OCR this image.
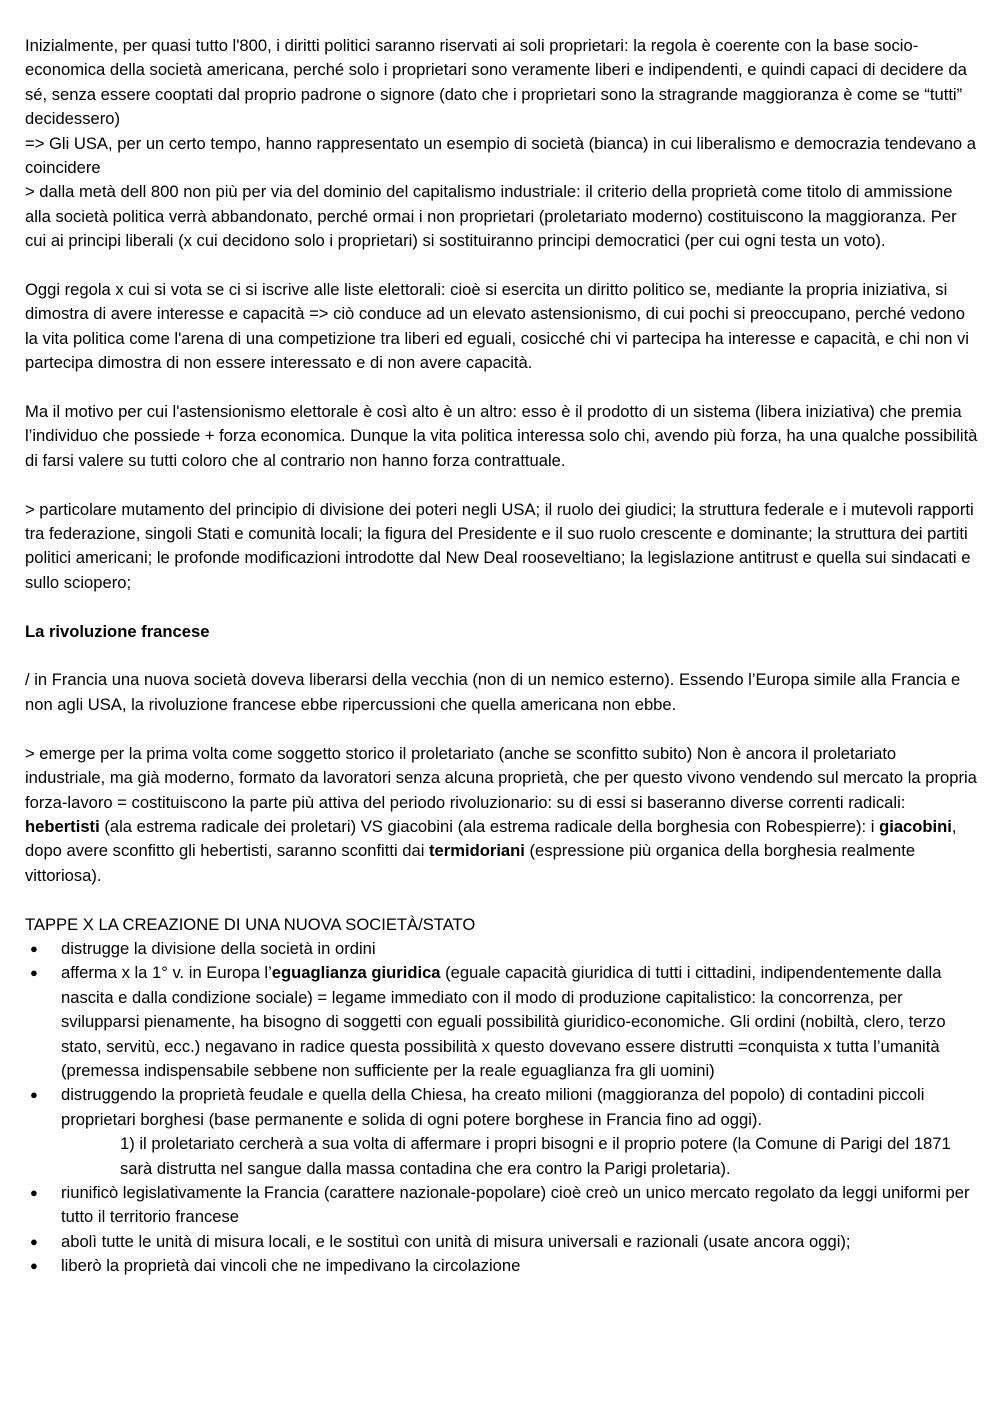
Inizialmente, per quasi tutto l'800, i diritti politici saranno riservati ai soli proprietari: la regola è coerente con la base socio-economica della società americana, perché solo i proprietari sono veramente liberi e indipendenti, e quindi capaci di decidere da sé, senza essere cooptati dal proprio padrone o signore (dato che i proprietari sono la stragrande maggioranza è come se “tutti” decidessero)

=> Gli USA, per un certo tempo, hanno rappresentato un esempio di società (bianca) in cui liberalismo e democrazia tendevano a coincidere

> dalla metà dell 800 non più per via del dominio del capitalismo industriale: il criterio della proprietà come titolo di ammissione alla società politica verrà abbandonato, perché ormai i non proprietari (proletariato moderno) costituiscono la maggioranza. Per cui ai principi liberali (x cui decidono solo i proprietari) si sostituiranno principi democratici (per cui ogni testa un voto).

Oggi regola x cui si vota se ci si iscrive alle liste elettorali: cioè si esercita un diritto politico se, mediante la propria iniziativa, si dimostra di avere interesse e capacità => ciò conduce ad un elevato astensionismo, di cui pochi si preoccupano, perché vedono la vita politica come l'arena di una competizione tra liberi ed eguali, cosicché chi vi partecipa ha interesse e capacità, e chi non vi partecipa dimostra di non essere interessato e di non avere capacità.

Ma il motivo per cui l'astensionismo elettorale è così alto è un altro: esso è il prodotto di un sistema (libera iniziativa) che premia l’individuo che possiede + forza economica. Dunque la vita politica interessa solo chi, avendo più forza, ha una qualche possibilità di farsi valere su tutti coloro che al contrario non hanno forza contrattuale.

> particolare mutamento del principio di divisione dei poteri negli USA; il ruolo dei giudici; la struttura federale e i mutevoli rapporti tra federazione, singoli Stati e comunità locali; la figura del Presidente e il suo ruolo crescente e dominante; la struttura dei partiti politici americani; le profonde modificazioni introdotte dal New Deal rooseveltiano; la legislazione antitrust e quella sui sindacati e sullo sciopero;

La rivoluzione francese

/ in Francia una nuova società doveva liberarsi della vecchia (non di un nemico esterno). Essendo l’Europa simile alla Francia e non agli USA, la rivoluzione francese ebbe ripercussioni che quella americana non ebbe.

> emerge per la prima volta come soggetto storico il proletariato (anche se sconfitto subito) Non è ancora il proletariato industriale, ma già moderno, formato da lavoratori senza alcuna proprietà, che per questo vivono vendendo sul mercato la propria forza-lavoro = costituiscono la parte più attiva del periodo rivoluzionario: su di essi si baseranno diverse correnti radicali: hebertisti (ala estrema radicale dei proletari) VS giacobini (ala estrema radicale della borghesia con Robespierre): i giacobini, dopo avere sconfitto gli hebertisti, saranno sconfitti dai termidoriani (espressione più organica della borghesia realmente vittoriosa).

TAPPE X LA CREAZIONE DI UNA NUOVA SOCIETÀ/STATO

● distrugge la divisione della società in ordini
● afferma x la 1° v. in Europa l’eguaglianza giuridica (eguale capacità giuridica di tutti i cittadini, indipendentemente dalla nascita e dalla condizione sociale) = legame immediato con il modo di produzione capitalistico: la concorrenza, per svilupparsi pienamente, ha bisogno di soggetti con eguali possibilità giuridico-economiche. Gli ordini (nobiltà, clero, terzo stato, servitù, ecc.) negavano in radice questa possibilità x questo dovevano essere distrutti =conquista x tutta l’umanità (premessa indispensabile sebbene non sufficiente per la reale eguaglianza fra gli uomini)
● distruggendo la proprietà feudale e quella della Chiesa, ha creato milioni (maggioranza del popolo) di contadini piccoli proprietari borghesi (base permanente e solida di ogni potere borghese in Francia fino ad oggi).

1) il proletariato cercherà a sua volta di affermare i propri bisogni e il proprio potere (la Comune di Parigi del 1871 sarà distrutta nel sangue dalla massa contadina che era contro la Parigi proletaria).

● riunificò legislativamente la Francia (carattere nazionale-popolare) cioè creò un unico mercato regolato da leggi uniformi per tutto il territorio francese
● abolì tutte le unità di misura locali, e le sostituì con unità di misura universali e razionali (usate ancora oggi);
● liberò la proprietà dai vincoli che ne impedivano la circolazione
